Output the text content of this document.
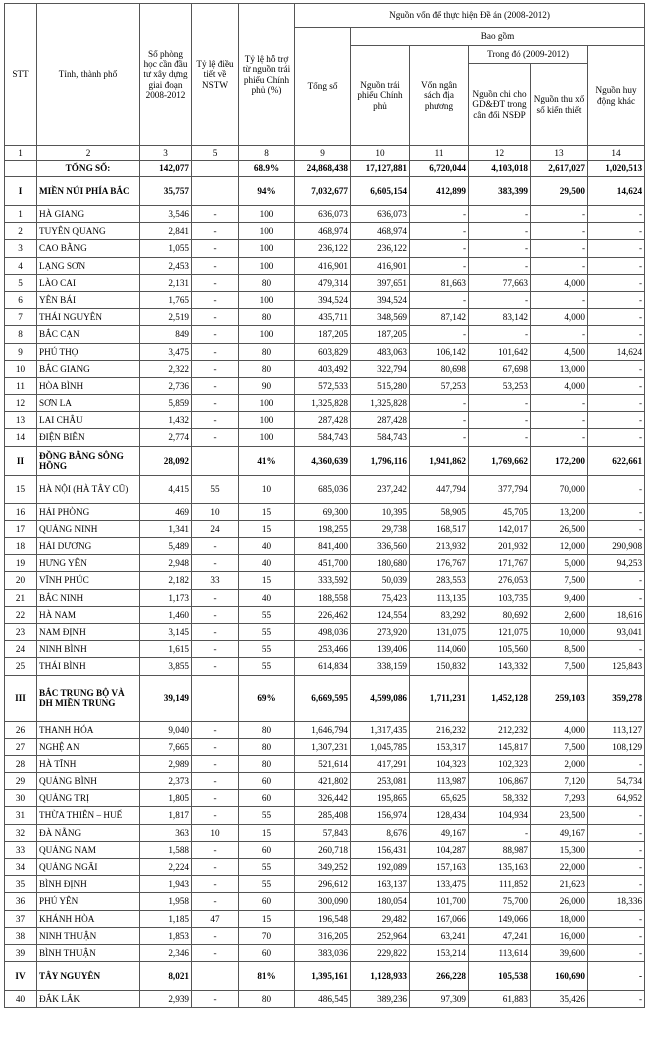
STT	Tỉnh, thành phố	Số phòng học cần đầu tư xây dựng giai đoạn 2008-2012	Tỷ lệ điều tiết về NSTW	Tỷ lệ hỗ trợ từ nguồn trái phiếu Chính phủ (%)	Nguồn vốn để thực hiện Đề án (2008-2012)					
					Tổng số	Bao gồm				
						Nguồn trái phiếu Chính phủ	Vốn ngân sách địa phương	Trong đó (2009-2012)		Nguồn huy động khác
								Nguồn chi cho GD&ĐT trong cân đối NSĐP	Nguồn thu xổ số kiến thiết	
1	2	3	5	8	9	10	11	12	13	14
	TỔNG SỐ:	142,077		68.9%	24,868,438	17,127,881	6,720,044	4,103,018	2,617,027	1,020,513
I	MIỀN NÚI PHÍA BẮC	35,757		94%	7,032,677	6,605,154	412,899	383,399	29,500	14,624
1	HÀ GIANG	3,546	-	100	636,073	636,073	-	-	-	-
2	TUYÊN QUANG	2,841	-	100	468,974	468,974	-	-	-	-
3	CAO BẰNG	1,055	-	100	236,122	236,122	-	-	-	-
4	LẠNG SƠN	2,453	-	100	416,901	416,901	-	-	-	-
5	LÀO CAI	2,131	-	80	479,314	397,651	81,663	77,663	4,000	-
6	YÊN BÁI	1,765	-	100	394,524	394,524	-	-	-	-
7	THÁI NGUYÊN	2,519	-	80	435,711	348,569	87,142	83,142	4,000	-
8	BẮC CẠN	849	-	100	187,205	187,205	-	-	-	-
9	PHÚ THỌ	3,475	-	80	603,829	483,063	106,142	101,642	4,500	14,624
10	BẮC GIANG	2,322	-	80	403,492	322,794	80,698	67,698	13,000	-
11	HÒA BÌNH	2,736	-	90	572,533	515,280	57,253	53,253	4,000	-
12	SƠN LA	5,859	-	100	1,325,828	1,325,828	-	-	-	-
13	LAI CHÂU	1,432	-	100	287,428	287,428	-	-	-	-
14	ĐIỆN BIÊN	2,774	-	100	584,743	584,743	-	-	-	-
II	ĐỒNG BẰNG SÔNG HỒNG	28,092		41%	4,360,639	1,796,116	1,941,862	1,769,662	172,200	622,661
15	HÀ NỘI (HÀ TÂY CŨ)	4,415	55	10	685,036	237,242	447,794	377,794	70,000	-
16	HẢI PHÒNG	469	10	15	69,300	10,395	58,905	45,705	13,200	-
17	QUẢNG NINH	1,341	24	15	198,255	29,738	168,517	142,017	26,500	-
18	HẢI DƯƠNG	5,489	-	40	841,400	336,560	213,932	201,932	12,000	290,908
19	HƯNG YÊN	2,948	-	40	451,700	180,680	176,767	171,767	5,000	94,253
20	VĨNH PHÚC	2,182	33	15	333,592	50,039	283,553	276,053	7,500	-
21	BẮC NINH	1,173	-	40	188,558	75,423	113,135	103,735	9,400	-
22	HÀ NAM	1,460	-	55	226,462	124,554	83,292	80,692	2,600	18,616
23	NAM ĐỊNH	3,145	-	55	498,036	273,920	131,075	121,075	10,000	93,041
24	NINH BÌNH	1,615	-	55	253,466	139,406	114,060	105,560	8,500	-
25	THÁI BÌNH	3,855	-	55	614,834	338,159	150,832	143,332	7,500	125,843
III	BẮC TRUNG BỘ VÀ DH MIỀN TRUNG	39,149		69%	6,669,595	4,599,086	1,711,231	1,452,128	259,103	359,278
26	THANH HÓA	9,040	-	80	1,646,794	1,317,435	216,232	212,232	4,000	113,127
27	NGHỆ AN	7,665	-	80	1,307,231	1,045,785	153,317	145,817	7,500	108,129
28	HÀ TĨNH	2,989	-	80	521,614	417,291	104,323	102,323	2,000	-
29	QUẢNG BÌNH	2,373	-	60	421,802	253,081	113,987	106,867	7,120	54,734
30	QUẢNG TRỊ	1,805	-	60	326,442	195,865	65,625	58,332	7,293	64,952
31	THỪA THIÊN – HUẾ	1,817	-	55	285,408	156,974	128,434	104,934	23,500	-
32	ĐÀ NẴNG	363	10	15	57,843	8,676	49,167	-	49,167	-
33	QUẢNG NAM	1,588	-	60	260,718	156,431	104,287	88,987	15,300	-
34	QUẢNG NGÃI	2,224	-	55	349,252	192,089	157,163	135,163	22,000	-
35	BÌNH ĐỊNH	1,943	-	55	296,612	163,137	133,475	111,852	21,623	-
36	PHÚ YÊN	1,958	-	60	300,090	180,054	101,700	75,700	26,000	18,336
37	KHÁNH HÒA	1,185	47	15	196,548	29,482	167,066	149,066	18,000	-
38	NINH THUẬN	1,853	-	70	316,205	252,964	63,241	47,241	16,000	-
39	BÌNH THUẬN	2,346	-	60	383,036	229,822	153,214	113,614	39,600	-
IV	TÂY NGUYÊN	8,021		81%	1,395,161	1,128,933	266,228	105,538	160,690	-
40	ĐẮK LẮK	2,939	-	80	486,545	389,236	97,309	61,883	35,426	-
